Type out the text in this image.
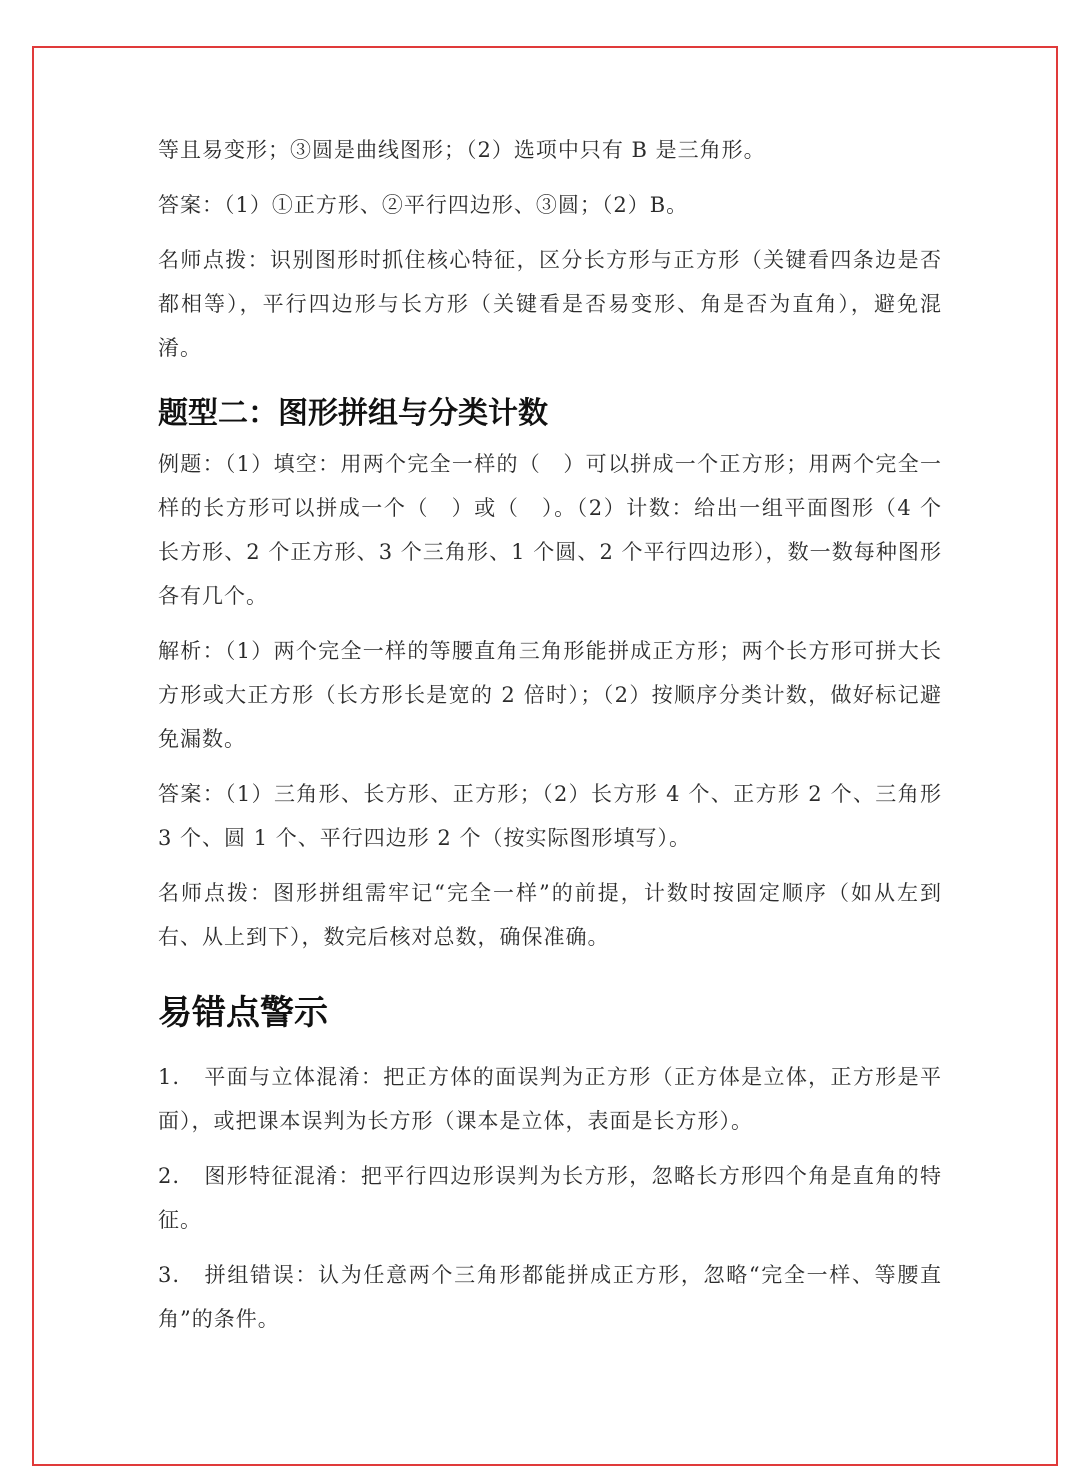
等且易变形；③圆是曲线图形；（2）选项中只有 B 是三角形。

答案：（1）①正方形、②平行四边形、③圆；（2）B。

名师点拨：识别图形时抓住核心特征，区分长方形与正方形（关键看四条边是否都相等），平行四边形与长方形（关键看是否易变形、角是否为直角），避免混淆。

题型二：图形拼组与分类计数

例题：（1）填空：用两个完全一样的（　）可以拼成一个正方形；用两个完全一样的长方形可以拼成一个（　）或（　）。（2）计数：给出一组平面图形（4 个长方形、2 个正方形、3 个三角形、1 个圆、2 个平行四边形），数一数每种图形各有几个。

解析：（1）两个完全一样的等腰直角三角形能拼成正方形；两个长方形可拼大长方形或大正方形（长方形长是宽的 2 倍时）；（2）按顺序分类计数，做好标记避免漏数。

答案：（1）三角形、长方形、正方形；（2）长方形 4 个、正方形 2 个、三角形 3 个、圆 1 个、平行四边形 2 个（按实际图形填写）。

名师点拨：图形拼组需牢记“完全一样”的前提，计数时按固定顺序（如从左到右、从上到下），数完后核对总数，确保准确。

易错点警示

1. 平面与立体混淆：把正方体的面误判为正方形（正方体是立体，正方形是平面），或把课本误判为长方形（课本是立体，表面是长方形）。

2. 图形特征混淆：把平行四边形误判为长方形，忽略长方形四个角是直角的特征。

3. 拼组错误：认为任意两个三角形都能拼成正方形，忽略“完全一样、等腰直角”的条件。
